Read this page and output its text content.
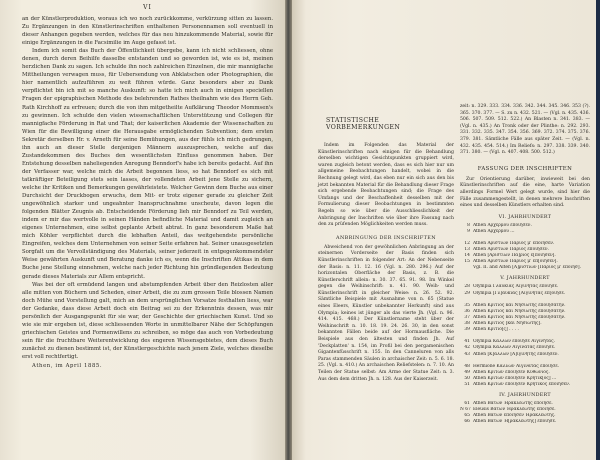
VI

an der Künstlerproduktion, woraus ich wo noch zurückkomme, verkürzung sitten zu lassen. Zu Ergänzungen in den Künstlerinschriften enthaltenen Personennamen soll eventuell in dieser Anhangen gegeben werden, welches für das neu hinzukommende Material, sowie für einige Ergänzungen in die Facsimilie im Auge gefasst ist.

Indem ich somit das Buch der Öffentlichkeit übergebe, kann ich nicht schliessen, ohne denen, durch deren Beihilfe dasselbe entstanden und so geworden ist, wie es ist, meinen herzlichen Dank zu sagen. Ich schulde ihn noch zahlreichen Einzelnen, die mir mannigfache Mittheilungen verwagen muss, für Uebersendung von Abklatschen oder Photographien, die hier namentlich aufzuführen zu weit führen würde. Ganz besonders aber zu Dank verpflichtet bin ich mit so manche Auskunft: so hatte ich mich auch in einigen speciellen Fragen der epigraphischen Methode des belehrenden Rathes theilnahm wie des Herrn Geh. Rath Kirchhoff zu erfreuen; durch die von ihm mitgetheilte Aufklärung Theodor Mommsen's zu gewinnen. Ich schulde den vielen wissenschaftlichen Unterstützung und Collegen für mannigfache Förderung in Rat und That; der kaiserlichen Akademie der Wissenschaften zu Wien für die Bewilligung einer die Herausgabe ermöglichenden Subvention; dem ersten Sekretär derselben Hr. v. Arneth für seine Bemühungen, aus der fühls ich mich gedrungen, ihn auch an dieser Stelle denjenigen Männern auszusprechen, welche auf das Zustandekommen des Buches den wesentlichsten Einfluss genommen haben. Der Entstehung desselben naheliegenden Anregung Benndorf's habe ich bereits gedacht. Auf ihn der Verfasser war, welche mich die Arbeit begonnen liess, so hat Benndorf es sich mit tatkräftiger Beteiligung stets sein lasses, der vollendeten Arbeit jene Stelle zu sichern, welche ihr Kritiken und Bemerkungen gewährleistete. Welcher Gewinn dem Buche aus einer Durchsicht der Druckbogen erwuchs, dem Mit- er trotz eigener gerade zu gleicher Zeit ungewöhnlich starker und ungeahnter Inanspruchnahme unscheute, davon legen die folgenden Blätter Zeugnis ab. Entscheidende Förderung lieh mir Benndorf zu Teil werden, indem er mir das wertvolle in seinen Händen befindliche Material und damit zugleich an eigenes Unternehmen, eine selbst geplante Arbeit abtrat. In ganz besonderem Maße hat mich Köhler verpflichtet durch die lebhaften Anteil, das weitgehendste persönliche Eingreifen, welches dem Unternehmen von seiner Seite erfahren hat. Seiner unausgesetzten Sorgfalt um die Vervollständigung des Materials, seiner jederzeit in entgegenkommendster Weise gewährten Auskunft und Beratung danke ich es, wenn die Inschriften Attikas in dem Buche jene Stellung einnehmen, welche nach jeder Richtung hin gründlegenden Bedeutung gerade dieses Materials zur Allem entspricht.

Was bei der oft ermüdend langen und abstumpfenden Arbeit über den Reizlosten aller alle mitten von Büchern und Scheden, einer Arbeit, die zu zum grossen Teile blossen Namen doch Mühe und Vorstellung galt, mich an dem ursprünglichen Vorsatze festhalten liess, war der Gedanke, dass diese Arbeit doch ein Beitrag sei zu der Erkenntnis dessen, was mir persönlich der Ausgangspunkt für sie war, der Geschichte der griechischen Kunst. Und so wie sie mir ergeben ist, diese schliessenden Worte in unmittelbarer Nähe der Schöpfungen griechischen Geistes und Formenwillens zu schreiben, so möge das auch von Vorbedeutung sein für die fruchtbare Weiterentwicklung des engeren Wissensgebietes, dem dieses Buch zunächst zu dienen bestimmt ist, der Künstlergeschichte nach jenem Ziele, welches dieselbe erst voll rechtfertigt.

Athen, im April 1885.

STATISTISCHE VORBEMERKUNGEN

Indem im Folgenden das Material der Künstlerinschriften nach einigen für die Behandlung derselben wichtigen Gesichtspunkten gruppiert wird, waren zugleich betont werden, dass es sich hier nur um allgemeine Beobachtungen handelt, wobei in die Rechnung gelegt wird, das eben nur ein sich aus den bis jetzt bekannten Material für die Behandlung dieser Frage sich ergebende Beobachtungen sind; die Frage des Umfangs und der Beschaffenheit desselben mit der Formulierung dieser Beobachtungen in bestimmten Regeln so wie über die Ausschliesslichkeit der Anbringung der Inschriften wie über ihre Fassung nach den zu prüfenden Möglichkeiten werden muss.

ANBRINGUNG DER INSCHRIFTEN

Abweichend von der gewöhnlichen Anbringung an der steinernen Vorderseite der Basis finden sich Künstlerinschriften in folgender Art: An der Nebenseite der Basis: n. 11. 12. 16 (Vgl. n. 280. 296.) Auf der horizontalen Oberfläche der Basis, z. B. die Künstlerschrift allein: n. 30. 37. 65. 91. 98. Im Winkel gegen die Weihinschrift: n. 41. 90. Weih- und Künstlerinschrift in gleicher Weise: n. 26. 52. 92. Sämtliche Beispiele mit Ausnahme von n. 65 (Statue eines Eleers, Künstler unbekannter Herkunft) sind aus Olympia; keines ist jünger als das vierte Jh. (Vgl. n. 96. 414. 415. 468.) Der Künstlername steht über der Weihinschrift n. 10. 18. 19. 24. 26. 30, in den sonst bekannten Fällen beide auf der Hormausfläche. Die Beispiele aus den ältesten und finden Jh. Auf 'Deckplatten' n. 154, im Profil bei den pergamenischen Gigantenfüsschrift n. 155. In den Canneluren von alls Paras stammenden Säulen in archaischer Zeit: n. 5. 6. 18. 25. (Vgl. n. 410.) An archaischen Reliefstelen: n. 7. 10. An Teilen der Statue selbst: Am Arme der Statue Zeit: n. 3. Aus dem dem dritten Jh. n. 128. Aus der Kaiserzeit.

zeit: n. 329. 333. 334. 336. 342. 344. 345. 346. 353 (?). 365. 370. 377. — S. zu n. 432. 521. — (Vgl. n. 435. 436. 506. 507. 509. 512. 522.) An Blasten n. 341. 383. — (Vgl. n. 435.) An Tronk oder der Plinthe: n. 292. 293. 331. 332. 335. 347. 354. 356. 369. 372. 374. 375. 376. 379. 381. Sämtliche Fälle aus später Zeit. — (Vgl. n. 432. 435. 454. 514.) Im Reliefs: n. 297. 338. 339. 340. 371. 380. — (Vgl. n. 407. 408. 500. 512.)

FASSUNG DER INSCHRIFTEN

Zur Orientierung darüber, inwieweit bei den Künstlerinschriften auf die eine, harte Variation allerdings Formel Wert gelegt wurde, sind hier die Fälle zusammengestellt, in denen mehrere Inschriften eines und desselben Künstlers erhalten sind.

VI. JAHRHUNDERT
8 Athen Ἀρχέρμου ἐποίησεν.
9 Athen Ἀρχέρμου ...

12 Athen Ἀριστίων Πάριος μ' ἐποίησεν.
13 Athen Ἀριστίων Πάριος ἐποίησεν.
14 Athen [Ἀριστίων Πά]ριος ἐ[ποίησεν].
15 Athen Ἀριστίων Πάριος μ' ἐπ[οίησεν].
Vgl. II. and Alten [Ἀ]ριστίων [Πάριος μ' ἐποίησ].
V. JAHRHUNDERT
28 Olympia Γλαυκίας Αἰγινήτας ἐποίησε.
29 Olympia [Γλ]αυκίας [Αἰγινήτας ἐπ]οίησε.

35 Athen Κριτίος καὶ Νησιώτης ἐποιησάτην.
36 Athen Κριτίος καὶ Νησιώτης ἐποιησάτην.
37 Athen Κριτίος καὶ Νησιώτης ἐποιησάτην.
38 Athen Κριτίος [καὶ Νησιώτης].
39 Athen Κριτίο[ς] . . . .

41 Olympia Κάλλων ἐποίησε Αἰγινήτας.
42 Olympia Κάλλων Αἰγινάτας ἐποίησε.
43 Athen [Κ]άλλων [Α]ἰγινήτης ἐποίησεν.

48 Hermione Κάλλων Αἰγινάτας ἐποίησε.
49 Athen Κρίτων ἐποίησεν Κυθώνιος.
50 Athen Κρίτων ἐποίησεν Κρητικ[ὸς] ...
51 Athen Κρίτων ἐποίησεν Κρητικὸς ἐποίησεν.
IV. JAHRHUNDERT
61 Athen Βάτων Ἡρακλεώτης ἐποίησε.
N 67 Eleusis Βάτων Ἡρακλεώτης ἐποίησε.
65 Athen Βάτων ἐποίησεν Ἡρακλεώτης.
66 Athen Βάτων Ἡ[ρακλεώτης] ἐποίησε.
